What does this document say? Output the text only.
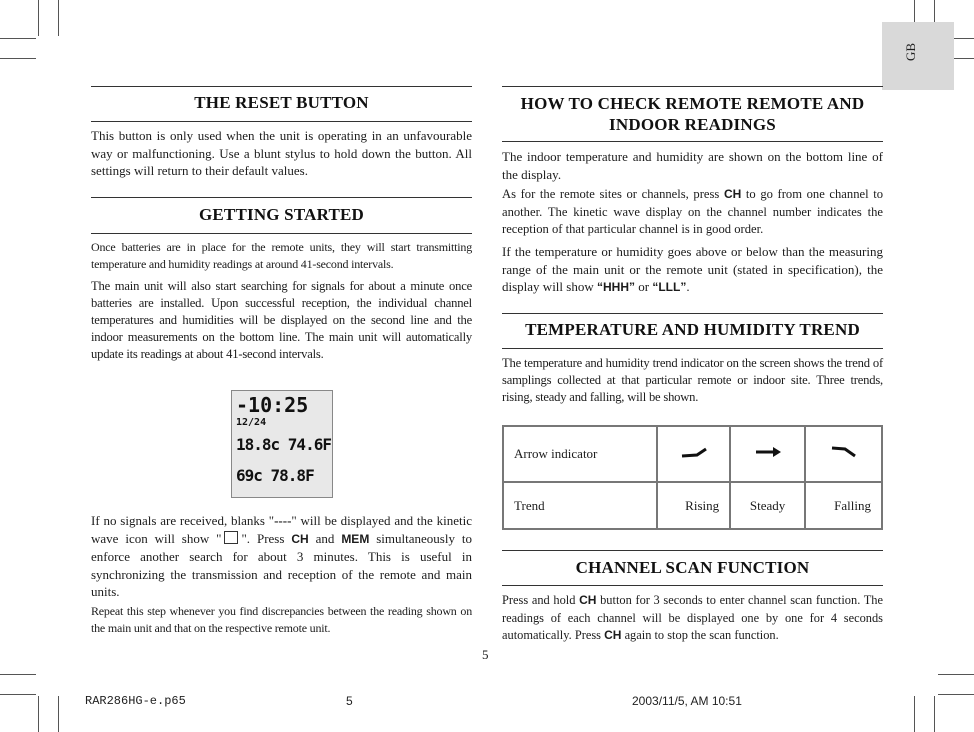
GB
THE RESET BUTTON

This button is only used when the unit is operating in an unfavourable way or malfunctioning. Use a blunt stylus to hold down the button. All settings will return to their default values.

GETTING STARTED

Once batteries are in place for the remote units, they will start transmitting temperature and humidity readings at around 41-second intervals.

The main unit will also start searching for signals for about a minute once batteries are installed. Upon successful reception, the individual channel temperatures and humidities will be displayed on the second line and the indoor measurements on the bottom line. The main unit will automatically update its readings at about 41-second intervals.

-10:25
12/24
18.8c 74.6F
69c 78.8F

If no signals are received, blanks "----" will be displayed and the kinetic wave icon will show " ". Press CH and MEM simultaneously to enforce another search for about 3 minutes. This is useful in synchronizing the transmission and reception of the remote and main units.

Repeat this step whenever you find discrepancies between the reading shown on the main unit and that on the respective remote unit.

HOW TO CHECK REMOTE REMOTE AND
INDOOR READINGS

The indoor temperature and humidity are shown on the bottom line of the display.

As for the remote sites or channels, press CH to go from one channel to another. The kinetic wave display on the channel number indicates the reception of that particular channel is in good order.

If the temperature or humidity goes above or below than the measuring range of the main unit or the remote unit (stated in specification), the display will show “HHH” or “LLL”.

TEMPERATURE AND HUMIDITY TREND

The temperature and humidity trend indicator on the screen shows the trend of samplings collected at that particular remote or indoor site. Three trends, rising, steady and falling, will be shown.

Arrow indicator			
Trend	Rising	Steady	Falling
CHANNEL SCAN FUNCTION

Press and hold CH button for 3 seconds to enter channel scan function. The readings of each channel will be displayed one by one for 4 seconds automatically. Press CH again to stop the scan function.

5
RAR286HG-e.p65	5	2003/11/5, AM 10:51
